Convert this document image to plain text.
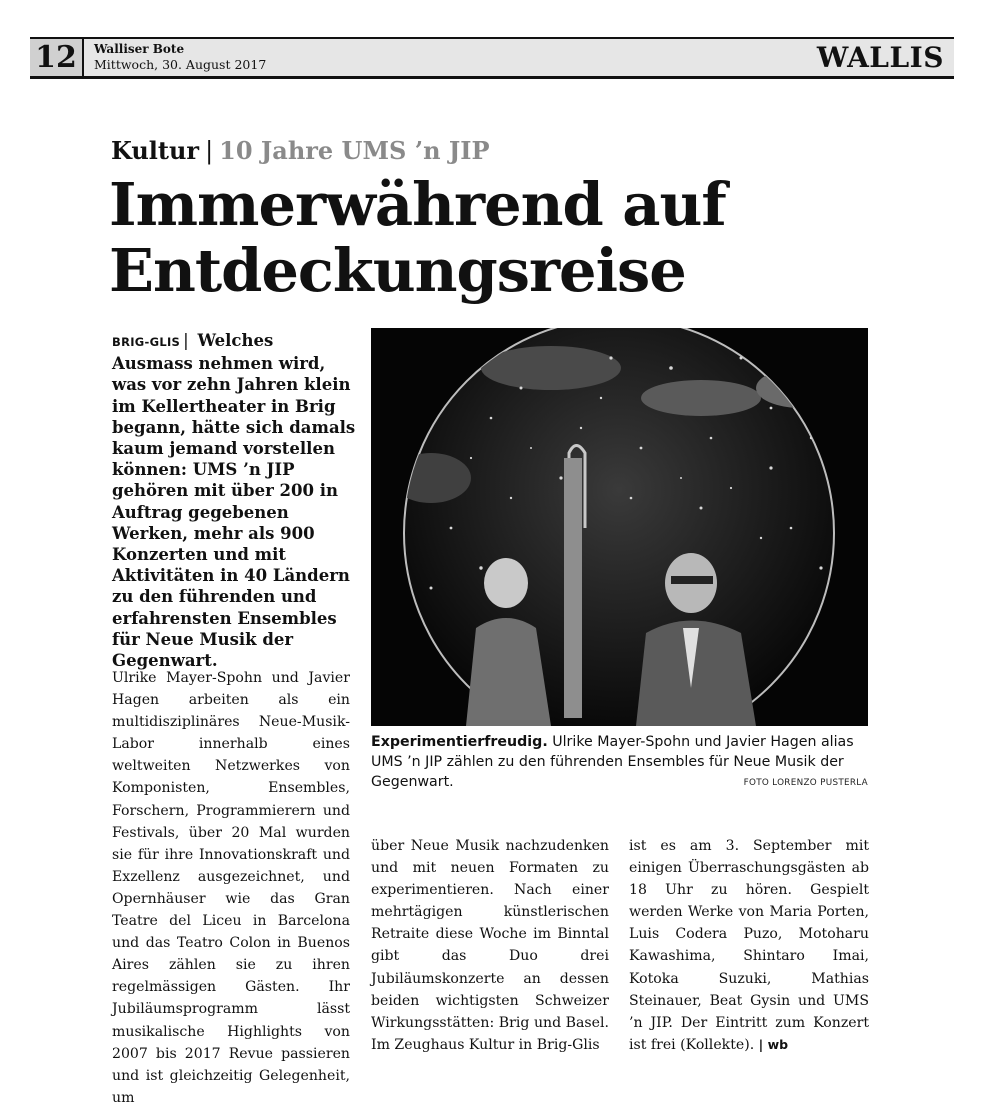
12	Walliser Bote
Mittwoch, 30. August 2017	WALLIS
Kultur | 10 Jahre UMS ’n JIP
Immerwährend auf
Entdeckungsreise
BRIG-GLIS | Welches Ausmass nehmen wird, was vor zehn Jahren klein im Kellertheater in Brig begann, hätte sich damals kaum jemand vorstellen können: UMS ’n JIP gehören mit über 200 in Auftrag gegebenen Werken, mehr als 900 Konzerten und mit Aktivitäten in 40 Ländern zu den führenden und erfahrensten Ensembles für Neue Musik der Gegenwart.
Ulrike Mayer-Spohn und Javier Hagen arbeiten als ein multidisziplinäres Neue-Musik-Labor innerhalb eines weltweiten Netzwerkes von Komponisten, Ensembles, Forschern, Programmierern und Festivals, über 20 Mal wurden sie für ihre Innovationskraft und Exzellenz ausgezeichnet, und Opernhäuser wie das Gran Teatre del Liceu in Barcelona und das Teatro Colon in Buenos Aires zählen sie zu ihren regelmässigen Gästen. Ihr Jubiläumsprogramm lässt musikalische Highlights von 2007 bis 2017 Revue passieren und ist gleichzeitig Gelegenheit, um
über Neue Musik nachzudenken und mit neuen Formaten zu experimentieren. Nach einer mehrtägigen künstlerischen Retraite diese Woche im Binntal gibt das Duo drei Jubiläumskonzerte an dessen beiden wichtigsten Schweizer Wirkungsstätten: Brig und Basel. Im Zeughaus Kultur in Brig-Glis
ist es am 3. September mit einigen Überraschungsgästen ab 18 Uhr zu hören. Gespielt werden Werke von Maria Porten, Luis Codera Puzo, Motoharu Kawashima, Shintaro Imai, Kotoka Suzuki, Mathias Steinauer, Beat Gysin und UMS ’n JIP. Der Eintritt zum Konzert ist frei (Kollekte). | wb
Experimentierfreudig. Ulrike Mayer-Spohn und Javier Hagen alias UMS ’n JIP zählen zu den führenden Ensembles für Neue Musik der Gegenwart.	FOTO LORENZO PUSTERLA
